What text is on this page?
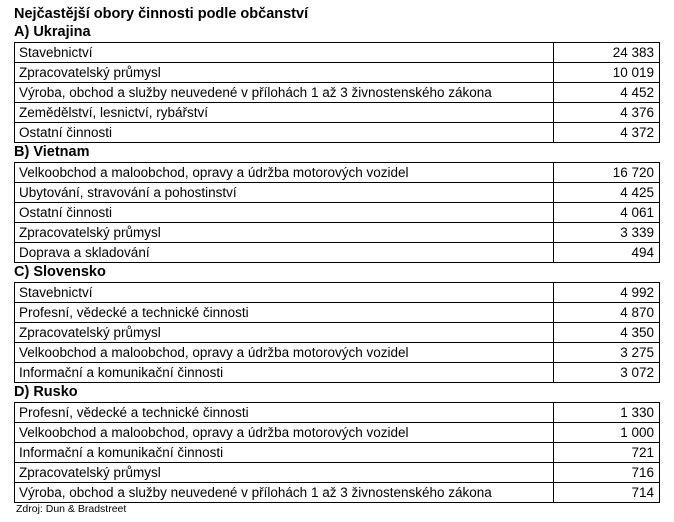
Nejčastější obory činnosti podle občanství
A) Ukrajina
Stavebnictví	24 383
Zpracovatelský průmysl	10 019
Výroba, obchod a služby neuvedené v přílohách 1 až 3 živnostenského zákona	4 452
Zemědělství, lesnictví, rybářství	4 376
Ostatní činnosti	4 372
B) Vietnam
Velkoobchod a maloobchod, opravy a údržba motorových vozidel	16 720
Ubytování, stravování a pohostinství	4 425
Ostatní činnosti	4 061
Zpracovatelský průmysl	3 339
Doprava a skladování	494
C) Slovensko
Stavebnictví	4 992
Profesní, vědecké a technické činnosti	4 870
Zpracovatelský průmysl	4 350
Velkoobchod a maloobchod, opravy a údržba motorových vozidel	3 275
Informační a komunikační činnosti	3 072
D) Rusko
Profesní, vědecké a technické činnosti	1 330
Velkoobchod a maloobchod, opravy a údržba motorových vozidel	1 000
Informační a komunikační činnosti	721
Zpracovatelský průmysl	716
Výroba, obchod a služby neuvedené v přílohách 1 až 3 živnostenského zákona	714
Zdroj: Dun & Bradstreet
